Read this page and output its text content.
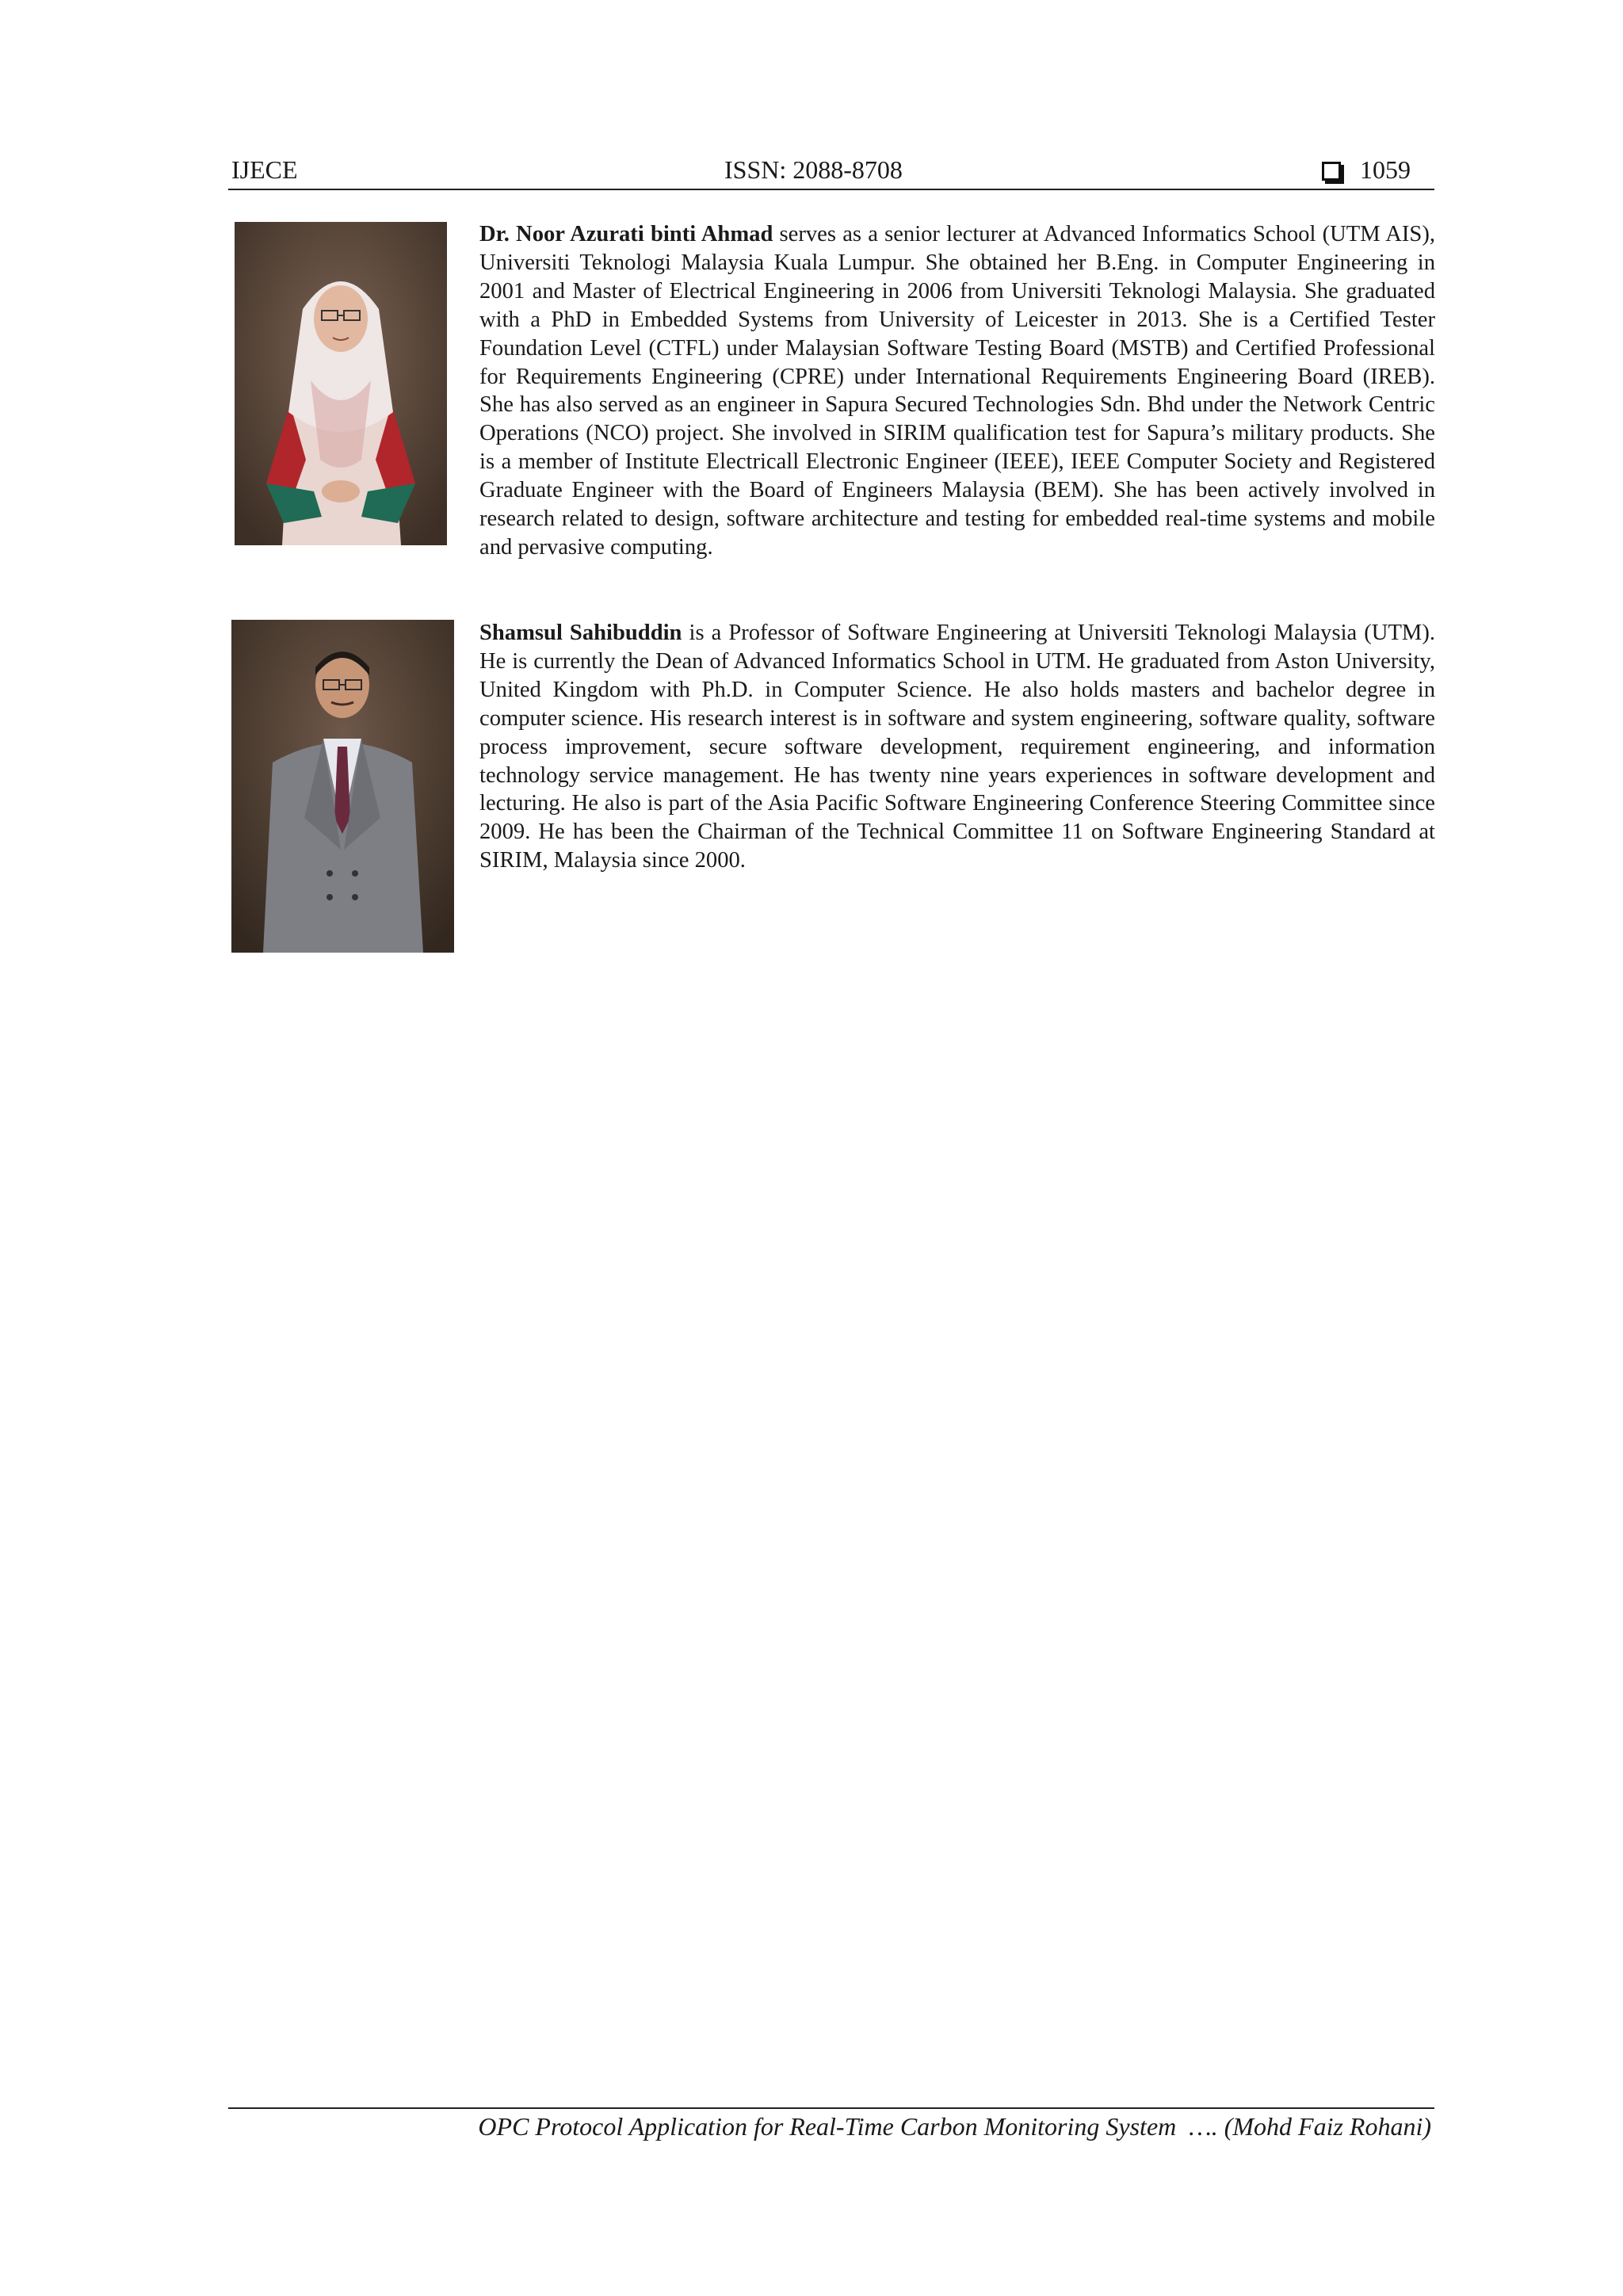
IJECE	ISSN: 2088-8708	1059
Dr. Noor Azurati binti Ahmad serves as a senior lecturer at Advanced Informatics School (UTM AIS), Universiti Teknologi Malaysia Kuala Lumpur. She obtained her B.Eng. in Computer Engineering in 2001 and Master of Electrical Engineering in 2006 from Universiti Teknologi Malaysia. She graduated with a PhD in Embedded Systems from University of Leicester in 2013. She is a Certified Tester Foundation Level (CTFL) under Malaysian Software Testing Board (MSTB) and Certified Professional for Requirements Engineering (CPRE) under International Requirements Engineering Board (IREB). She has also served as an engineer in Sapura Secured Technologies Sdn. Bhd under the Network Centric Operations (NCO) project. She involved in SIRIM qualification test for Sapura’s military products. She is a member of Institute Electricall Electronic Engineer (IEEE), IEEE Computer Society and Registered Graduate Engineer with the Board of Engineers Malaysia (BEM). She has been actively involved in research related to design, software architecture and testing for embedded real-time systems and mobile and pervasive computing.
Shamsul Sahibuddin is a Professor of Software Engineering at Universiti Teknologi Malaysia (UTM). He is currently the Dean of Advanced Informatics School in UTM. He graduated from Aston University, United Kingdom with Ph.D. in Computer Science. He also holds masters and bachelor degree in computer science. His research interest is in software and system engineering, software quality, software process improvement, secure software development, requirement engineering, and information technology service management. He has twenty nine years experiences in software development and lecturing. He also is part of the Asia Pacific Software Engineering Conference Steering Committee since 2009. He has been the Chairman of the Technical Committee 11 on Software Engineering Standard at SIRIM, Malaysia since 2000.
OPC Protocol Application for Real-Time Carbon Monitoring System  …. (Mohd Faiz Rohani)
